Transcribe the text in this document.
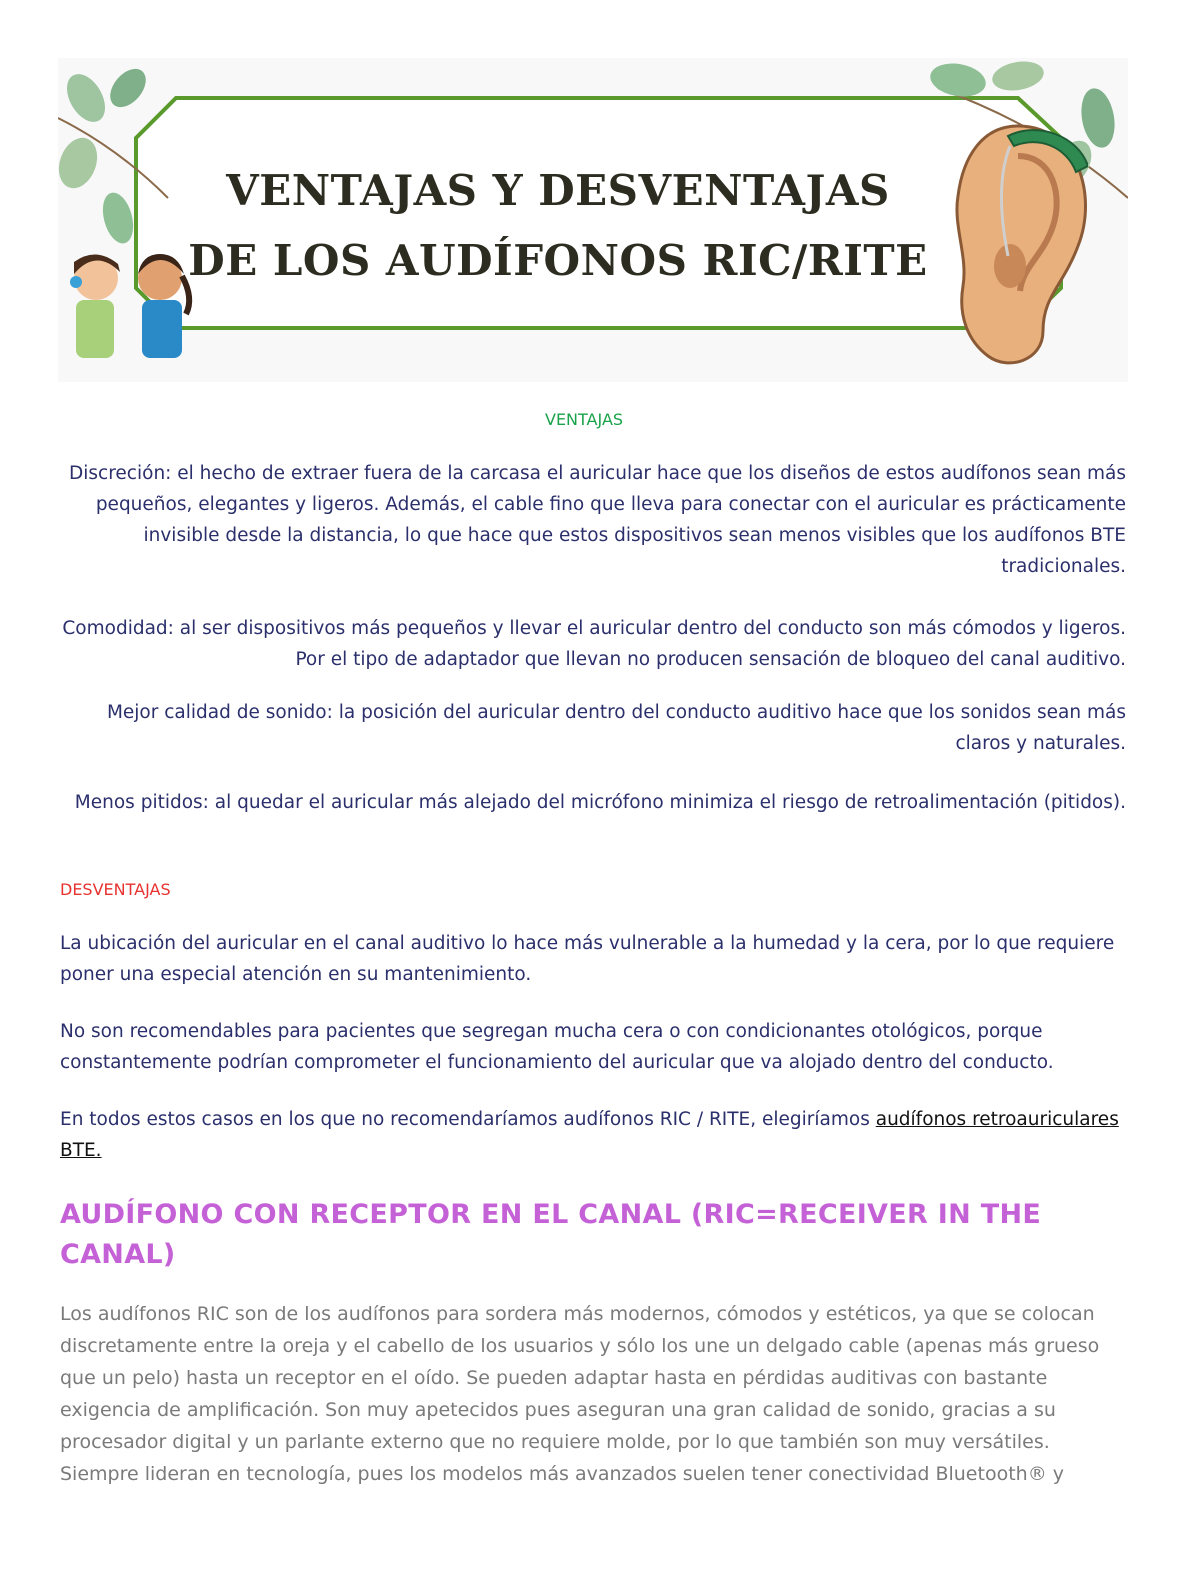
VENTAJAS Y DESVENTAJAS
DE LOS AUDÍFONOS RIC/RITE
VENTAJAS
Discreción: el hecho de extraer fuera de la carcasa el auricular hace que los diseños de estos audífonos sean más pequeños, elegantes y ligeros. Además, el cable fino que lleva para conectar con el auricular es prácticamente invisible desde la distancia, lo que hace que estos dispositivos sean menos visibles que los audífonos BTE tradicionales.
Comodidad: al ser dispositivos más pequeños y llevar el auricular dentro del conducto son más cómodos y ligeros. Por el tipo de adaptador que llevan no producen sensación de bloqueo del canal auditivo.
Mejor calidad de sonido: la posición del auricular dentro del conducto auditivo hace que los sonidos sean más claros y naturales.
Menos pitidos: al quedar el auricular más alejado del micrófono minimiza el riesgo de retroalimentación (pitidos).
DESVENTAJAS
La ubicación del auricular en el canal auditivo lo hace más vulnerable a la humedad y la cera, por lo que requiere poner una especial atención en su mantenimiento.
No son recomendables para pacientes que segregan mucha cera o con condicionantes otológicos, porque constantemente podrían comprometer el funcionamiento del auricular que va alojado dentro del conducto.
En todos estos casos en los que no recomendaríamos audífonos RIC / RITE, elegiríamos audífonos retroauriculares BTE.
AUDÍFONO CON RECEPTOR EN EL CANAL (RIC=RECEIVER IN THE CANAL)
Los audífonos RIC son de los audífonos para sordera más modernos, cómodos y estéticos, ya que se colocan discretamente entre la oreja y el cabello de los usuarios y sólo los une un delgado cable (apenas más grueso que un pelo) hasta un receptor en el oído. Se pueden adaptar hasta en pérdidas auditivas con bastante exigencia de amplificación. Son muy apetecidos pues aseguran una gran calidad de sonido, gracias a su procesador digital y un parlante externo que no requiere molde, por lo que también son muy versátiles. Siempre lideran en tecnología, pues los modelos más avanzados suelen tener conectividad Bluetooth® y
